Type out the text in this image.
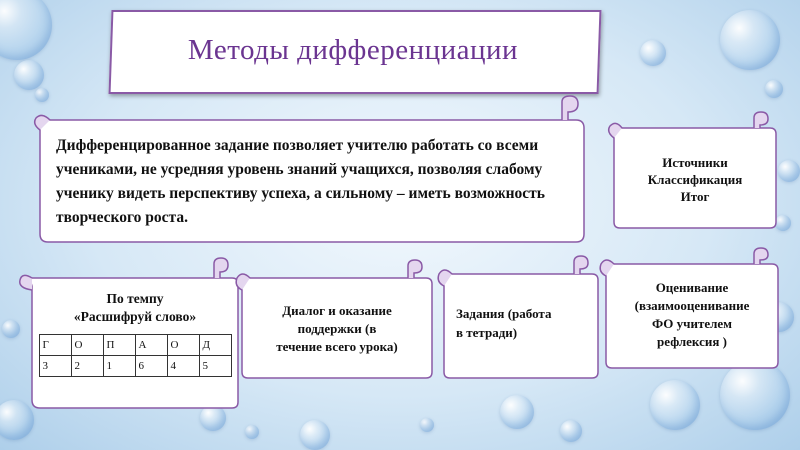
Методы дифференциации
Дифференцированное задание позволяет учителю работать со всеми учениками, не усредняя уровень знаний учащихся, позволяя слабому ученику видеть перспективу успеха, а сильному – иметь возможность творческого роста.
Источники
Классификация
Итог
По темпу
«Расшифруй слово»
Г	О	П	А	О	Д
3	2	1	6	4	5
Диалог и оказание
поддержки (в
течение всего урока)
Задания (работа
в тетради)
Оценивание
(взаимооценивание
ФО учителем
рефлексия )
